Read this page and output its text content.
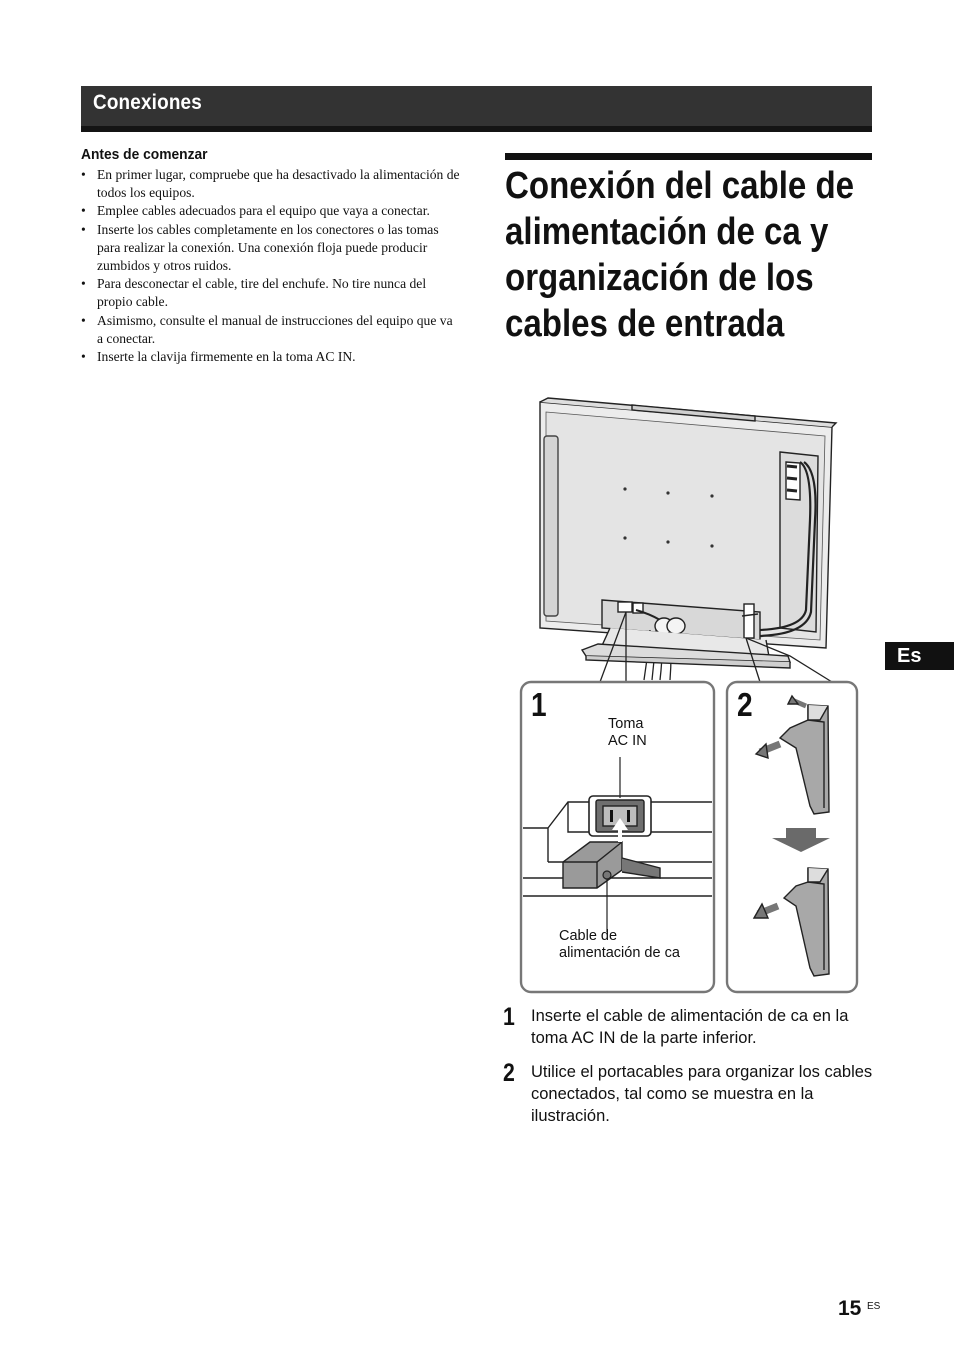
Conexiones
Antes de comenzar
• En primer lugar, compruebe que ha desactivado la alimentación de todos los equipos.
• Emplee cables adecuados para el equipo que vaya a conectar.
• Inserte los cables completamente en los conectores o las tomas para realizar la conexión. Una conexión floja puede producir zumbidos y otros ruidos.
• Para desconectar el cable, tire del enchufe. No tire nunca del propio cable.
• Asimismo, consulte el manual de instrucciones del equipo que va a conectar.
• Inserte la clavija firmemente en la toma AC IN.
Conexión del cable de
alimentación de ca y
organización de los
cables de entrada
Es
1	2
Toma
AC IN
Cable de
alimentación de ca
1 Inserte el cable de alimentación de ca en la toma AC IN de la parte inferior.
2 Utilice el portacables para organizar los cables conectados, tal como se muestra en la ilustración.
15 ES
